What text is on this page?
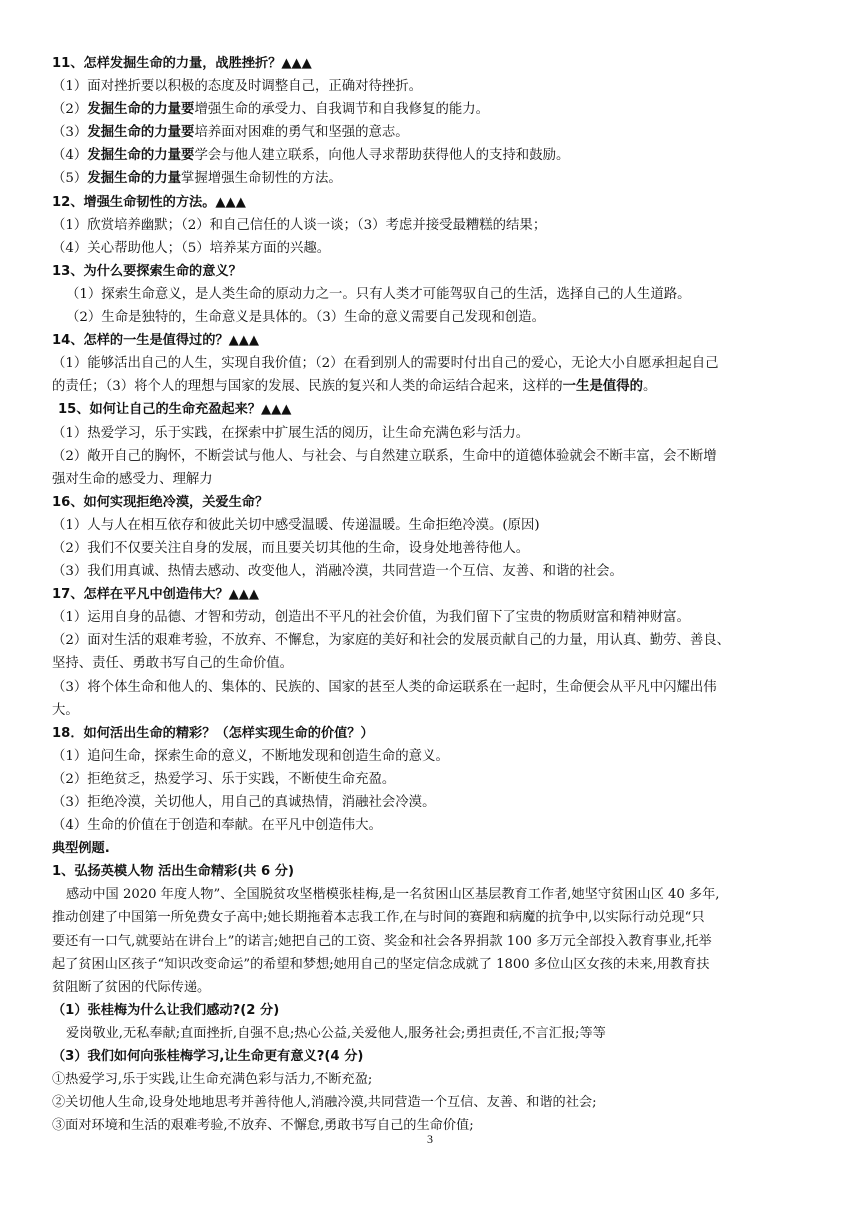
11、怎样发掘生命的力量，战胜挫折？▲▲▲
（1）面对挫折要以积极的态度及时调整自己，正确对待挫折。
（2）发掘生命的力量要增强生命的承受力、自我调节和自我修复的能力。
（3）发掘生命的力量要培养面对困难的勇气和坚强的意志。
（4）发掘生命的力量要学会与他人建立联系，向他人寻求帮助获得他人的支持和鼓励。
（5）发掘生命的力量掌握增强生命韧性的方法。
12、增强生命韧性的方法。▲▲▲
（1）欣赏培养幽默；（2）和自己信任的人谈一谈；（3）考虑并接受最糟糕的结果；
（4）关心帮助他人；（5）培养某方面的兴趣。
13、为什么要探索生命的意义？
（1）探索生命意义，是人类生命的原动力之一。只有人类才可能驾驭自己的生活，选择自己的人生道路。
（2）生命是独特的，生命意义是具体的。（3）生命的意义需要自己发现和创造。
14、怎样的一生是值得过的？▲▲▲
（1）能够活出自己的人生，实现自我价值；（2）在看到别人的需要时付出自己的爱心，无论大小自愿承担起自己
的责任；（3）将个人的理想与国家的发展、民族的复兴和人类的命运结合起来，这样的一生是值得的。
15、如何让自己的生命充盈起来？▲▲▲
（1）热爱学习，乐于实践，在探索中扩展生活的阅历，让生命充满色彩与活力。
（2）敞开自己的胸怀，不断尝试与他人、与社会、与自然建立联系，生命中的道德体验就会不断丰富，会不断增
强对生命的感受力、理解力
16、如何实现拒绝冷漠，关爱生命？
（1）人与人在相互依存和彼此关切中感受温暖、传递温暖。生命拒绝冷漠。(原因)
（2）我们不仅要关注自身的发展，而且要关切其他的生命，设身处地善待他人。
（3）我们用真诚、热情去感动、改变他人，消融冷漠，共同营造一个互信、友善、和谐的社会。
17、怎样在平凡中创造伟大？▲▲▲
（1）运用自身的品德、才智和劳动，创造出不平凡的社会价值，为我们留下了宝贵的物质财富和精神财富。
（2）面对生活的艰难考验，不放弃、不懈怠，为家庭的美好和社会的发展贡献自己的力量，用认真、勤劳、善良、
坚持、责任、勇敢书写自己的生命价值。
（3）将个体生命和他人的、集体的、民族的、国家的甚至人类的命运联系在一起时，生命便会从平凡中闪耀出伟
大。
18．如何活出生命的精彩？（怎样实现生命的价值？）
（1）追问生命，探索生命的意义，不断地发现和创造生命的意义。
（2）拒绝贫乏，热爱学习、乐于实践，不断使生命充盈。
（3）拒绝冷漠，关切他人，用自己的真诚热情，消融社会冷漠。
（4）生命的价值在于创造和奉献。在平凡中创造伟大。
典型例题.
1、弘扬英模人物 活出生命精彩(共 6 分)
感动中国 2020 年度人物”、全国脱贫攻坚楷模张桂梅,是一名贫困山区基层教育工作者,她坚守贫困山区 40 多年,
推动创建了中国第一所免费女子高中;她长期拖着本志我工作,在与时间的赛跑和病魔的抗争中,以实际行动兑现“只
要还有一口气,就要站在讲台上”的诺言;她把自己的工资、奖金和社会各界捐款 100 多万元全部投入教育事业,托举
起了贫困山区孩子“知识改变命运”的希望和梦想;她用自己的坚定信念成就了 1800 多位山区女孩的未来,用教育扶
贫阻断了贫困的代际传递。
（1）张桂梅为什么让我们感动?(2 分)
爱岗敬业,无私奉献;直面挫折,自强不息;热心公益,关爱他人,服务社会;勇担责任,不言汇报;等等
（3）我们如何向张桂梅学习,让生命更有意义?(4 分)
①热爱学习,乐于实践,让生命充满色彩与活力,不断充盈;
②关切他人生命,设身处地地思考并善待他人,消融冷漠,共同营造一个互信、友善、和谐的社会;
③面对环境和生活的艰难考验,不放弃、不懈怠,勇敢书写自己的生命价值;
3
